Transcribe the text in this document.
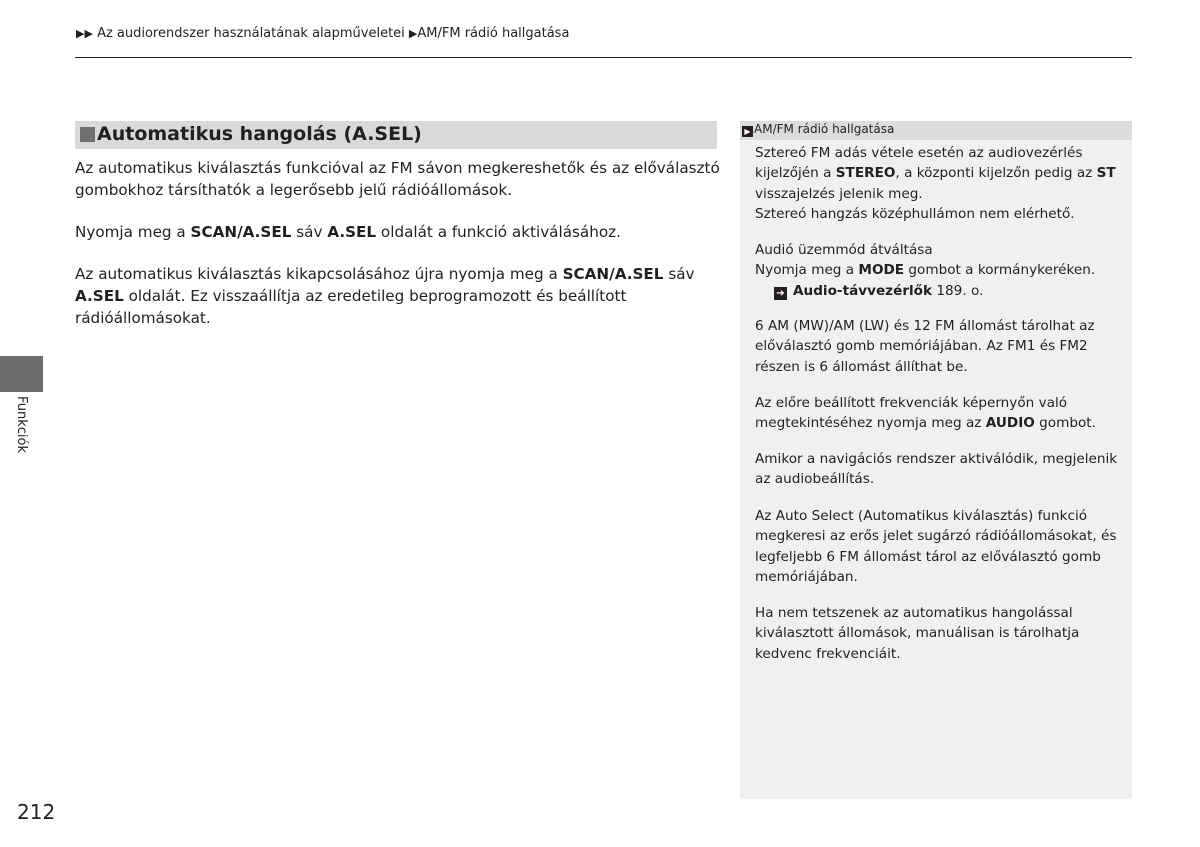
▶▶ Az audiorendszer használatának alapműveletei ▶AM/FM rádió hallgatása
Automatikus hangolás (A.SEL)
Az automatikus kiválasztás funkcióval az FM sávon megkereshetők és az előválasztó gombokhoz társíthatók a legerősebb jelű rádióállomások.
Nyomja meg a SCAN/A.SEL sáv A.SEL oldalát a funkció aktiválásához.
Az automatikus kiválasztás kikapcsolásához újra nyomja meg a SCAN/A.SEL sáv A.SEL oldalát. Ez visszaállítja az eredetileg beprogramozott és beállított rádióállomásokat.
▶ AM/FM rádió hallgatása
Sztereó FM adás vétele esetén az audiovezérlés kijelzőjén a STEREO, a központi kijelzőn pedig az ST visszajelzés jelenik meg.
Sztereó hangzás középhullámon nem elérhető.
Audió üzemmód átváltása
Nyomja meg a MODE gombot a kormánykeréken.
➔ Audio-távvezérlők 189. o.
6 AM (MW)/AM (LW) és 12 FM állomást tárolhat az előválasztó gomb memóriájában. Az FM1 és FM2 részen is 6 állomást állíthat be.
Az előre beállított frekvenciák képernyőn való megtekintéséhez nyomja meg az AUDIO gombot.
Amikor a navigációs rendszer aktiválódik, megjelenik az audiobeállítás.
Az Auto Select (Automatikus kiválasztás) funkció megkeresi az erős jelet sugárzó rádióállomásokat, és legfeljebb 6 FM állomást tárol az előválasztó gomb memóriájában.
Ha nem tetszenek az automatikus hangolással kiválasztott állomások, manuálisan is tárolhatja kedvenc frekvenciáit.
Funkciók
212
